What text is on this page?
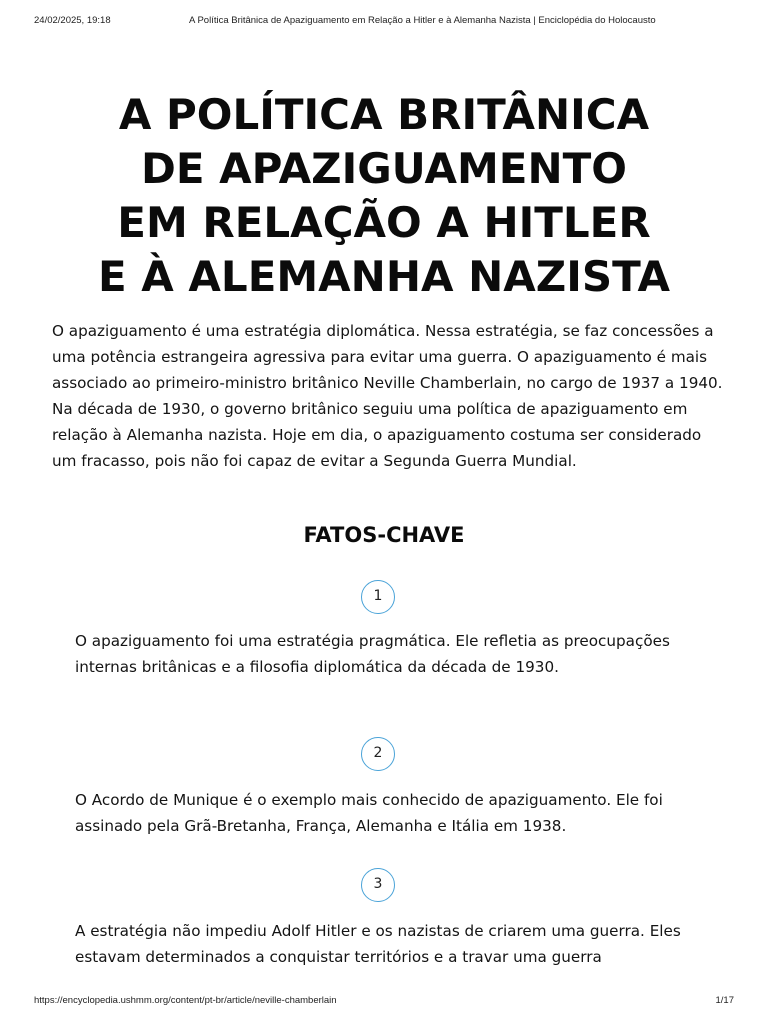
24/02/2025, 19:18	A Política Britânica de Apaziguamento em Relação a Hitler e à Alemanha Nazista | Enciclopédia do Holocausto
A POLÍTICA BRITÂNICA
DE APAZIGUAMENTO
EM RELAÇÃO A HITLER
E À ALEMANHA NAZISTA

O apaziguamento é uma estratégia diplomática. Nessa estratégia, se faz concessões a uma potência estrangeira agressiva para evitar uma guerra. O apaziguamento é mais associado ao primeiro-ministro britânico Neville Chamberlain, no cargo de 1937 a 1940. Na década de 1930, o governo britânico seguiu uma política de apaziguamento em relação à Alemanha nazista. Hoje em dia, o apaziguamento costuma ser considerado um fracasso, pois não foi capaz de evitar a Segunda Guerra Mundial.

FATOS-CHAVE
1

O apaziguamento foi uma estratégia pragmática. Ele refletia as preocupações internas britânicas e a filosofia diplomática da década de 1930.

2

O Acordo de Munique é o exemplo mais conhecido de apaziguamento. Ele foi assinado pela Grã-Bretanha, França, Alemanha e Itália em 1938.

3

A estratégia não impediu Adolf Hitler e os nazistas de criarem uma guerra. Eles estavam determinados a conquistar territórios e a travar uma guerra

https://encyclopedia.ushmm.org/content/pt-br/article/neville-chamberlain	1/17
